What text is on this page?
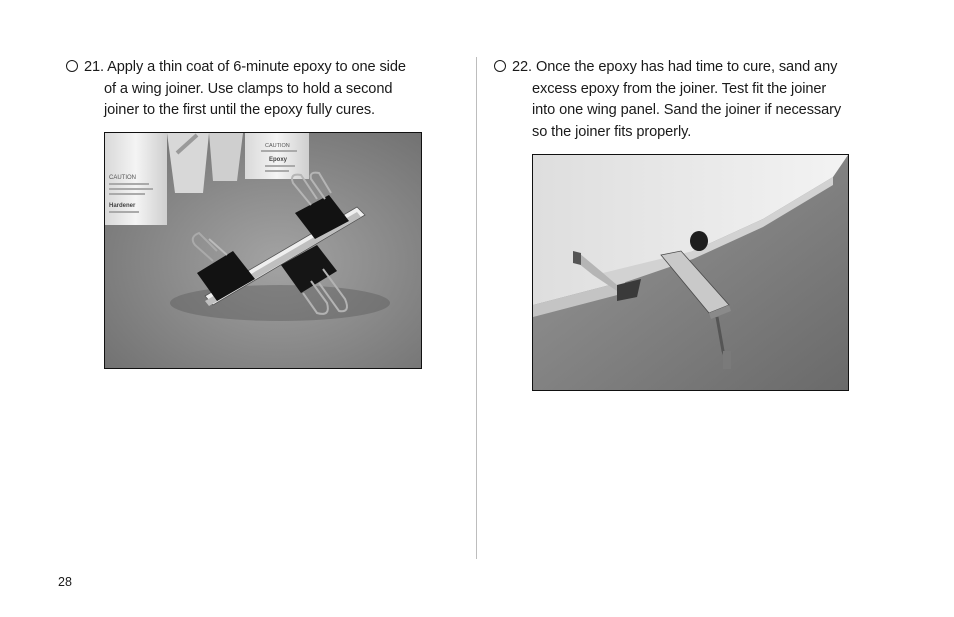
21. Apply a thin coat of 6-minute epoxy to one side
of a wing joiner. Use clamps to hold a second
joiner to the first until the epoxy fully cures.
CAUTION
Hardener
CAUTION
Epoxy
22. Once the epoxy has had time to cure, sand any
excess epoxy from the joiner. Test fit the joiner
into one wing panel. Sand the joiner if necessary
so the joiner fits properly.
28
